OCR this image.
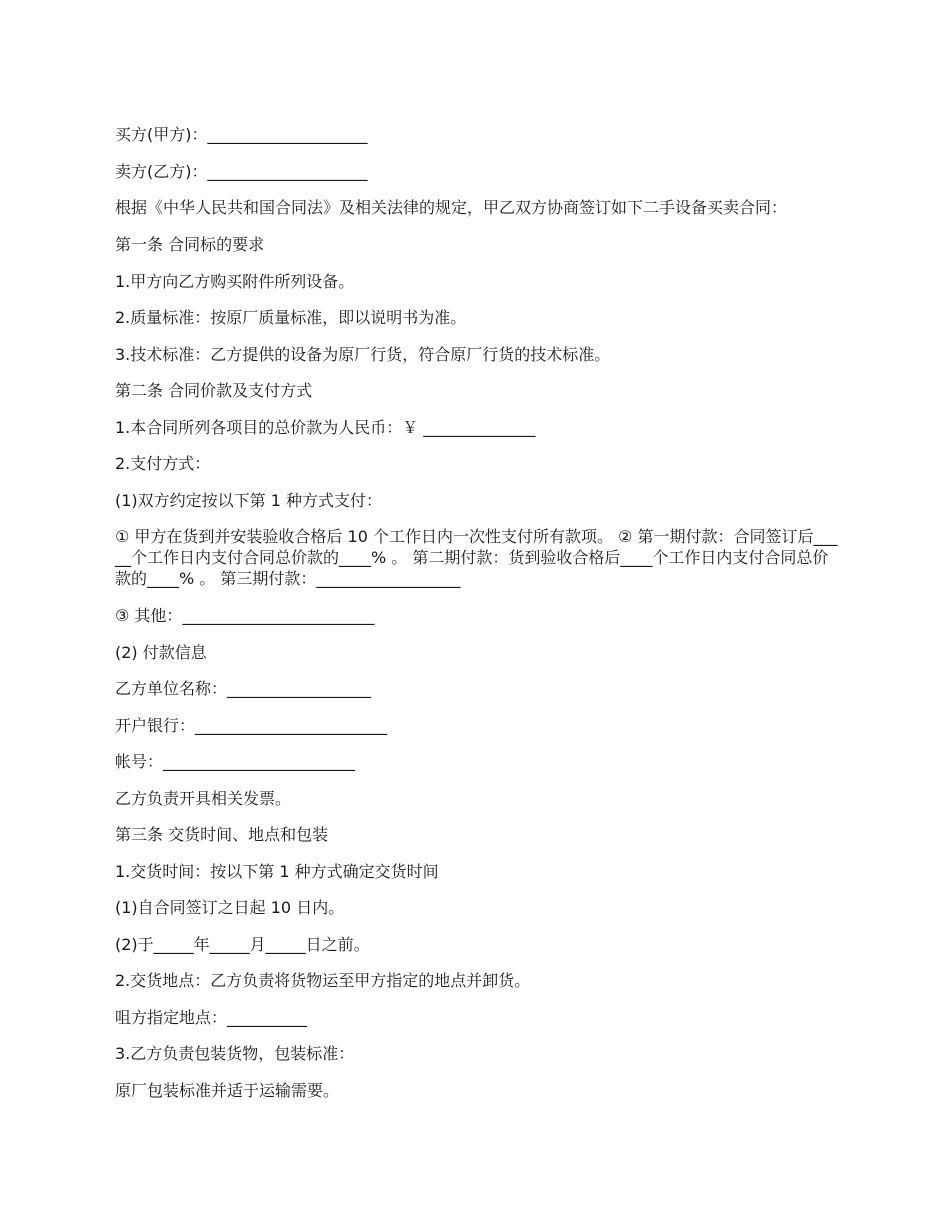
买方(甲方)：____________________

卖方(乙方)：____________________

根据《中华人民共和国合同法》及相关法律的规定，甲乙双方协商签订如下二手设备买卖合同：

第一条 合同标的要求

1.甲方向乙方购买附件所列设备。

2.质量标准：按原厂质量标准，即以说明书为准。

3.技术标准：乙方提供的设备为原厂行货，符合原厂行货的技术标准。

第二条 合同价款及支付方式

1.本合同所列各项目的总价款为人民币：￥ ______________

2.支付方式：

(1)双方约定按以下第 1 种方式支付：

① 甲方在货到并安装验收合格后 10 个工作日内一次性支付所有款项。 ② 第一期付款：合同签订后_____个工作日内支付合同总价款的____% 。 第二期付款：货到验收合格后____个工作日内支付合同总价款的____% 。 第三期付款：__________________

③ 其他：________________________

(2) 付款信息

乙方单位名称：__________________

开户银行：________________________

帐号：________________________

乙方负责开具相关发票。

第三条 交货时间、地点和包装

1.交货时间：按以下第 1 种方式确定交货时间

(1)自合同签订之日起 10 日内。

(2)于_____年_____月_____日之前。

2.交货地点：乙方负责将货物运至甲方指定的地点并卸货。

咀方指定地点：__________

3.乙方负责包装货物，包装标准：

原厂包装标准并适于运输需要。
